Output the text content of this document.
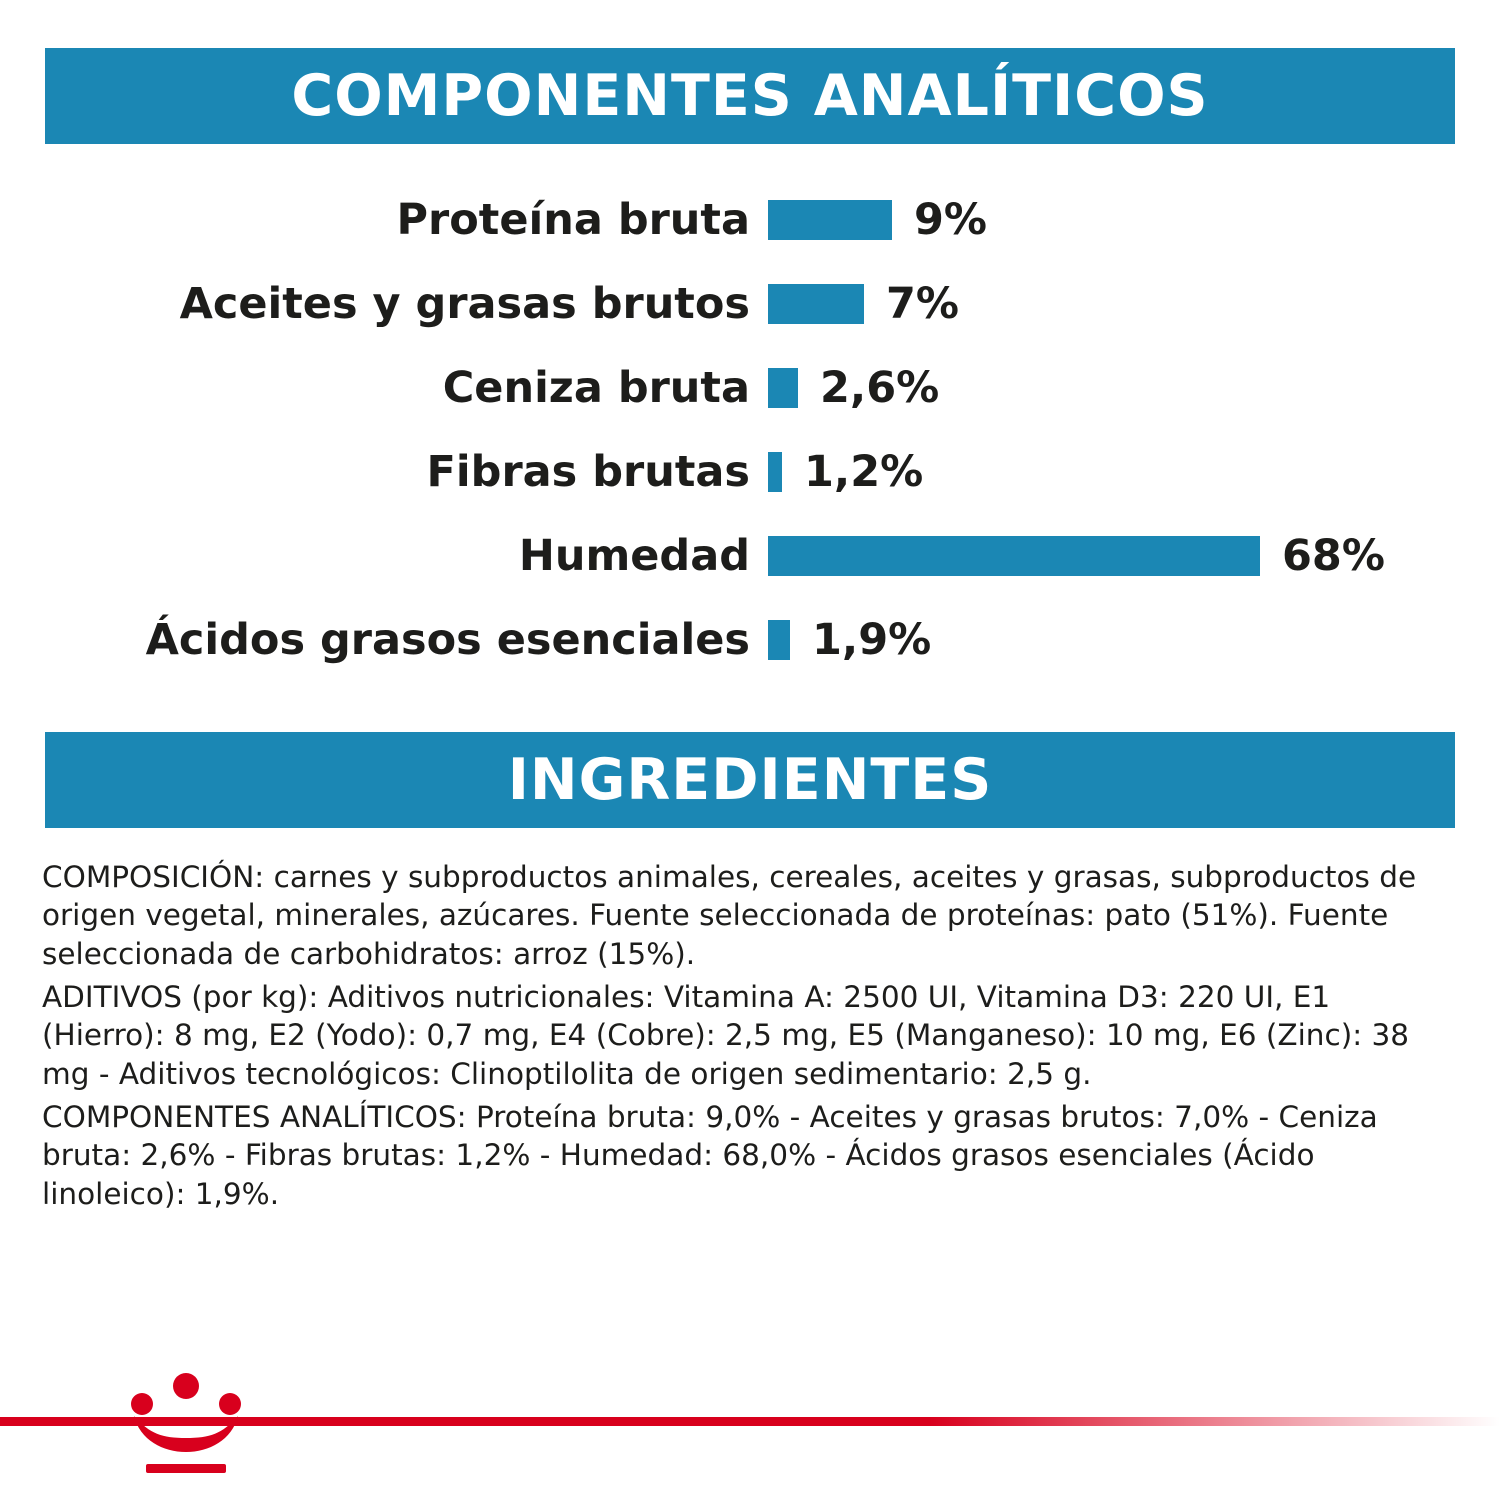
COMPONENTES ANALÍTICOS
Proteína bruta	9%
Aceites y grasas brutos	7%
Ceniza bruta 2,6%
Fibras brutas 1,2%
Humedad	68%
Ácidos grasos esenciales 1,9%
INGREDIENTES

COMPOSICIÓN: carnes y subproductos animales, cereales, aceites y grasas, subproductos de origen vegetal, minerales, azúcares. Fuente seleccionada de proteínas: pato (51%). Fuente seleccionada de carbohidratos: arroz (15%).

ADITIVOS (por kg): Aditivos nutricionales: Vitamina A: 2500 UI, Vitamina D3: 220 UI, E1 (Hierro): 8 mg, E2 (Yodo): 0,7 mg, E4 (Cobre): 2,5 mg, E5 (Manganeso): 10 mg, E6 (Zinc): 38 mg - Aditivos tecnológicos: Clinoptilolita de origen sedimentario: 2,5 g.

COMPONENTES ANALÍTICOS: Proteína bruta: 9,0% - Aceites y grasas brutos: 7,0% - Ceniza bruta: 2,6% - Fibras brutas: 1,2% - Humedad: 68,0% - Ácidos grasos esenciales (Ácido linoleico): 1,9%.
